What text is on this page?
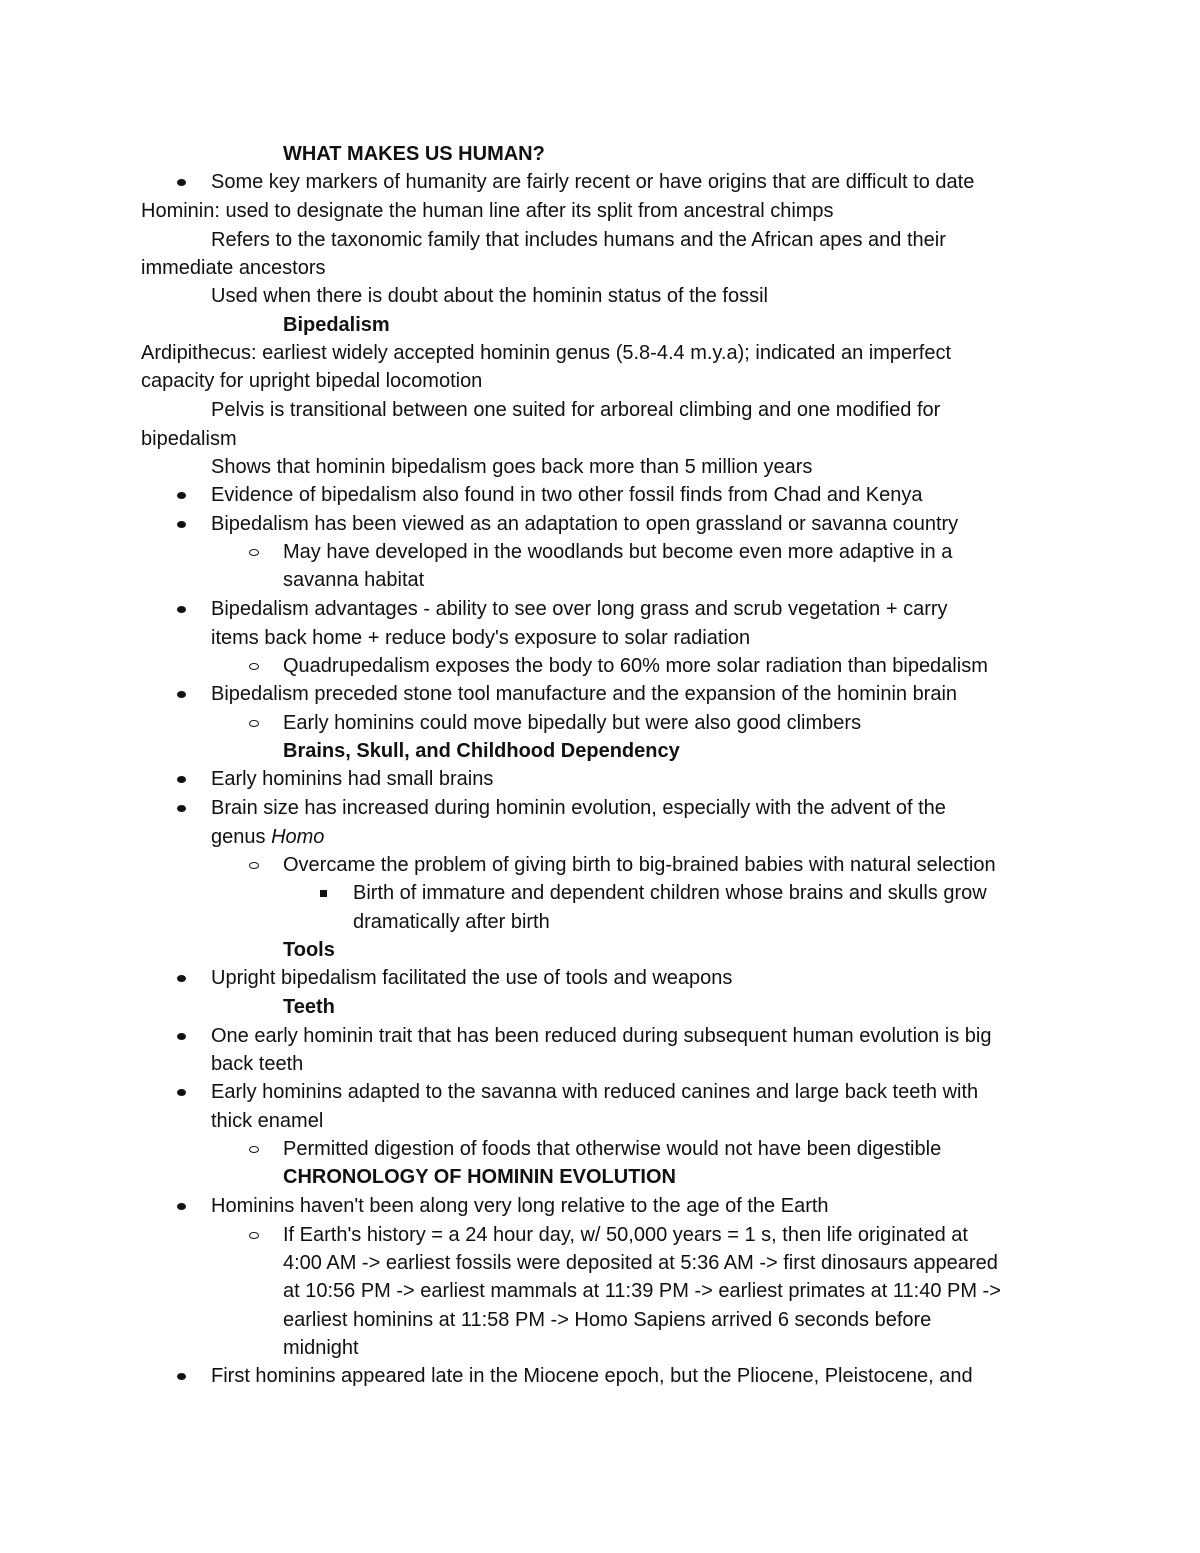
WHAT MAKES US HUMAN?
Some key markers of humanity are fairly recent or have origins that are difficult to date
Hominin: used to designate the human line after its split from ancestral chimps
Refers to the taxonomic family that includes humans and the African apes and their
immediate ancestors
Used when there is doubt about the hominin status of the fossil
Bipedalism
Ardipithecus: earliest widely accepted hominin genus (5.8-4.4 m.y.a); indicated an imperfect
capacity for upright bipedal locomotion
Pelvis is transitional between one suited for arboreal climbing and one modified for
bipedalism
Shows that hominin bipedalism goes back more than 5 million years
Evidence of bipedalism also found in two other fossil finds from Chad and Kenya
Bipedalism has been viewed as an adaptation to open grassland or savanna country
May have developed in the woodlands but become even more adaptive in a
savanna habitat
Bipedalism advantages - ability to see over long grass and scrub vegetation + carry
items back home + reduce body's exposure to solar radiation
Quadrupedalism exposes the body to 60% more solar radiation than bipedalism
Bipedalism preceded stone tool manufacture and the expansion of the hominin brain
Early hominins could move bipedally but were also good climbers
Brains, Skull, and Childhood Dependency
Early hominins had small brains
Brain size has increased during hominin evolution, especially with the advent of the
genus Homo
Overcame the problem of giving birth to big-brained babies with natural selection
Birth of immature and dependent children whose brains and skulls grow
dramatically after birth
Tools
Upright bipedalism facilitated the use of tools and weapons
Teeth
One early hominin trait that has been reduced during subsequent human evolution is big
back teeth
Early hominins adapted to the savanna with reduced canines and large back teeth with
thick enamel
Permitted digestion of foods that otherwise would not have been digestible
CHRONOLOGY OF HOMININ EVOLUTION
Hominins haven't been along very long relative to the age of the Earth
If Earth's history = a 24 hour day, w/ 50,000 years = 1 s, then life originated at
4:00 AM -> earliest fossils were deposited at 5:36 AM -> first dinosaurs appeared
at 10:56 PM -> earliest mammals at 11:39 PM -> earliest primates at 11:40 PM ->
earliest hominins at 11:58 PM -> Homo Sapiens arrived 6 seconds before
midnight
First hominins appeared late in the Miocene epoch, but the Pliocene, Pleistocene, and
